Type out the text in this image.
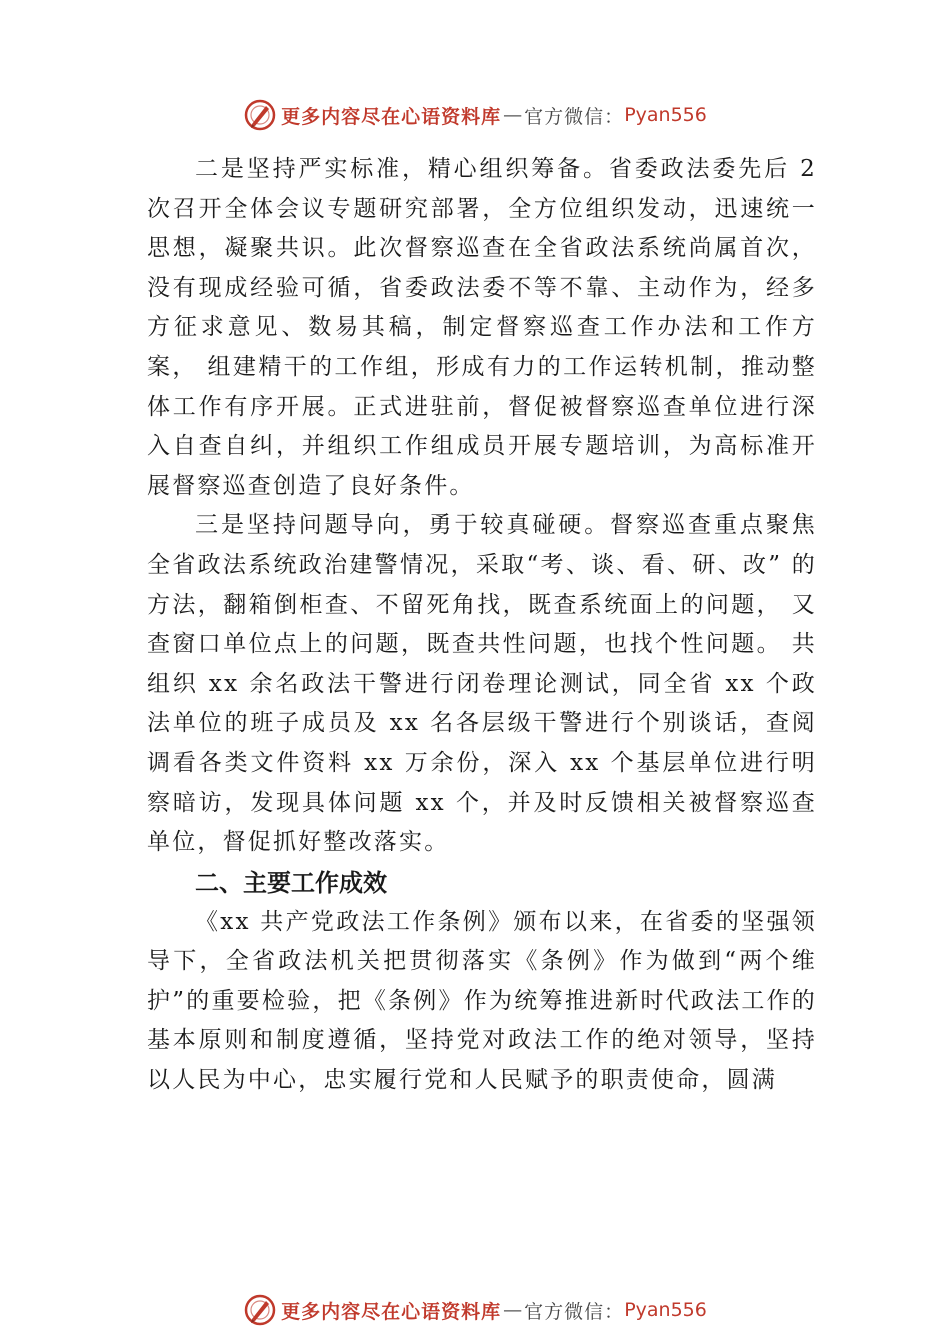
更多内容尽在心语资料库 — 官方微信： Pyan556

二是坚持严实标准，精心组织筹备。省委政法委先后 2 次召开全体会议专题研究部署，全方位组织发动，迅速统一思想，凝聚共识。此次督察巡查在全省政法系统尚属首次， 没有现成经验可循，省委政法委不等不靠、主动作为，经多方征求意见、数易其稿，制定督察巡查工作办法和工作方案， 组建精干的工作组，形成有力的工作运转机制，推动整体工作有序开展。正式进驻前，督促被督察巡查单位进行深入自查自纠，并组织工作组成员开展专题培训，为高标准开展督察巡查创造了良好条件。

三是坚持问题导向，勇于较真碰硬。督察巡查重点聚焦全省政法系统政治建警情况，采取“考、谈、看、研、改” 的方法，翻箱倒柜查、不留死角找，既查系统面上的问题， 又查窗口单位点上的问题，既查共性问题，也找个性问题。 共组织 xx 余名政法干警进行闭卷理论测试，同全省 xx 个政法单位的班子成员及 xx 名各层级干警进行个别谈话，查阅调看各类文件资料 xx 万余份，深入 xx 个基层单位进行明察暗访，发现具体问题 xx 个，并及时反馈相关被督察巡查单位，督促抓好整改落实。

二、主要工作成效

《xx 共产党政法工作条例》颁布以来，在省委的坚强领导下，全省政法机关把贯彻落实《条例》作为做到“两个维护”的重要检验，把《条例》作为统筹推进新时代政法工作的基本原则和制度遵循，坚持党对政法工作的绝对领导，坚持以人民为中心，忠实履行党和人民赋予的职责使命，圆满

更多内容尽在心语资料库 — 官方微信： Pyan556
